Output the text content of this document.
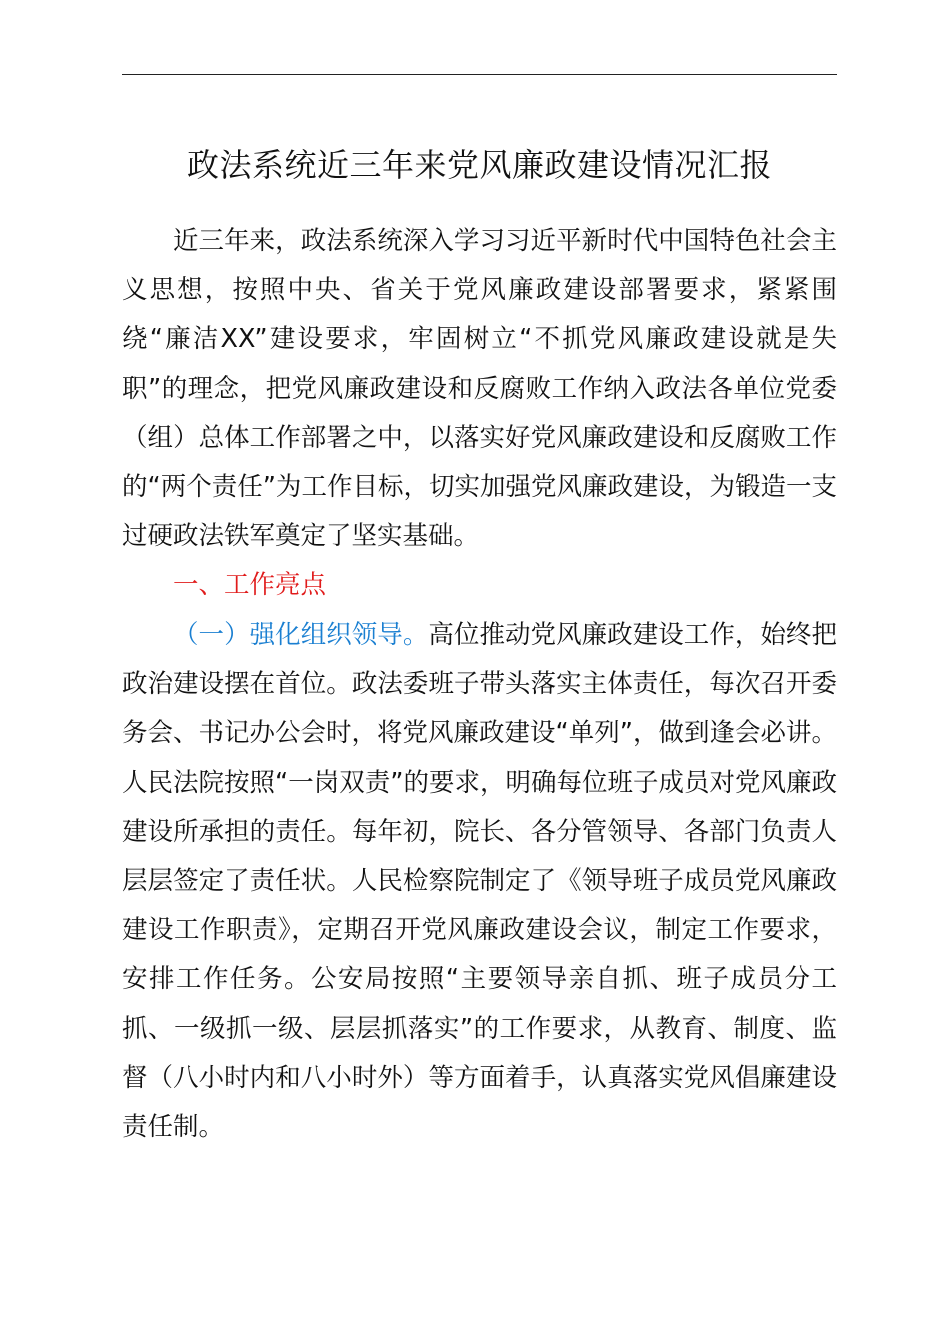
政法系统近三年来党风廉政建设情况汇报

近三年来，政法系统深入学习习近平新时代中国特色社会主义思想，按照中央、省关于党风廉政建设部署要求，紧紧围绕“廉洁XX”建设要求，牢固树立“不抓党风廉政建设就是失职”的理念，把党风廉政建设和反腐败工作纳入政法各单位党委（组）总体工作部署之中，以落实好党风廉政建设和反腐败工作的“两个责任”为工作目标，切实加强党风廉政建设，为锻造一支过硬政法铁军奠定了坚实基础。

一、工作亮点

（一）强化组织领导。高位推动党风廉政建设工作，始终把政治建设摆在首位。政法委班子带头落实主体责任，每次召开委务会、书记办公会时，将党风廉政建设“单列”，做到逢会必讲。人民法院按照“一岗双责”的要求，明确每位班子成员对党风廉政建设所承担的责任。每年初，院长、各分管领导、各部门负责人层层签定了责任状。人民检察院制定了《领导班子成员党风廉政建设工作职责》，定期召开党风廉政建设会议，制定工作要求，安排工作任务。公安局按照“主要领导亲自抓、班子成员分工抓、一级抓一级、层层抓落实”的工作要求，从教育、制度、监督（八小时内和八小时外）等方面着手，认真落实党风倡廉建设责任制。
